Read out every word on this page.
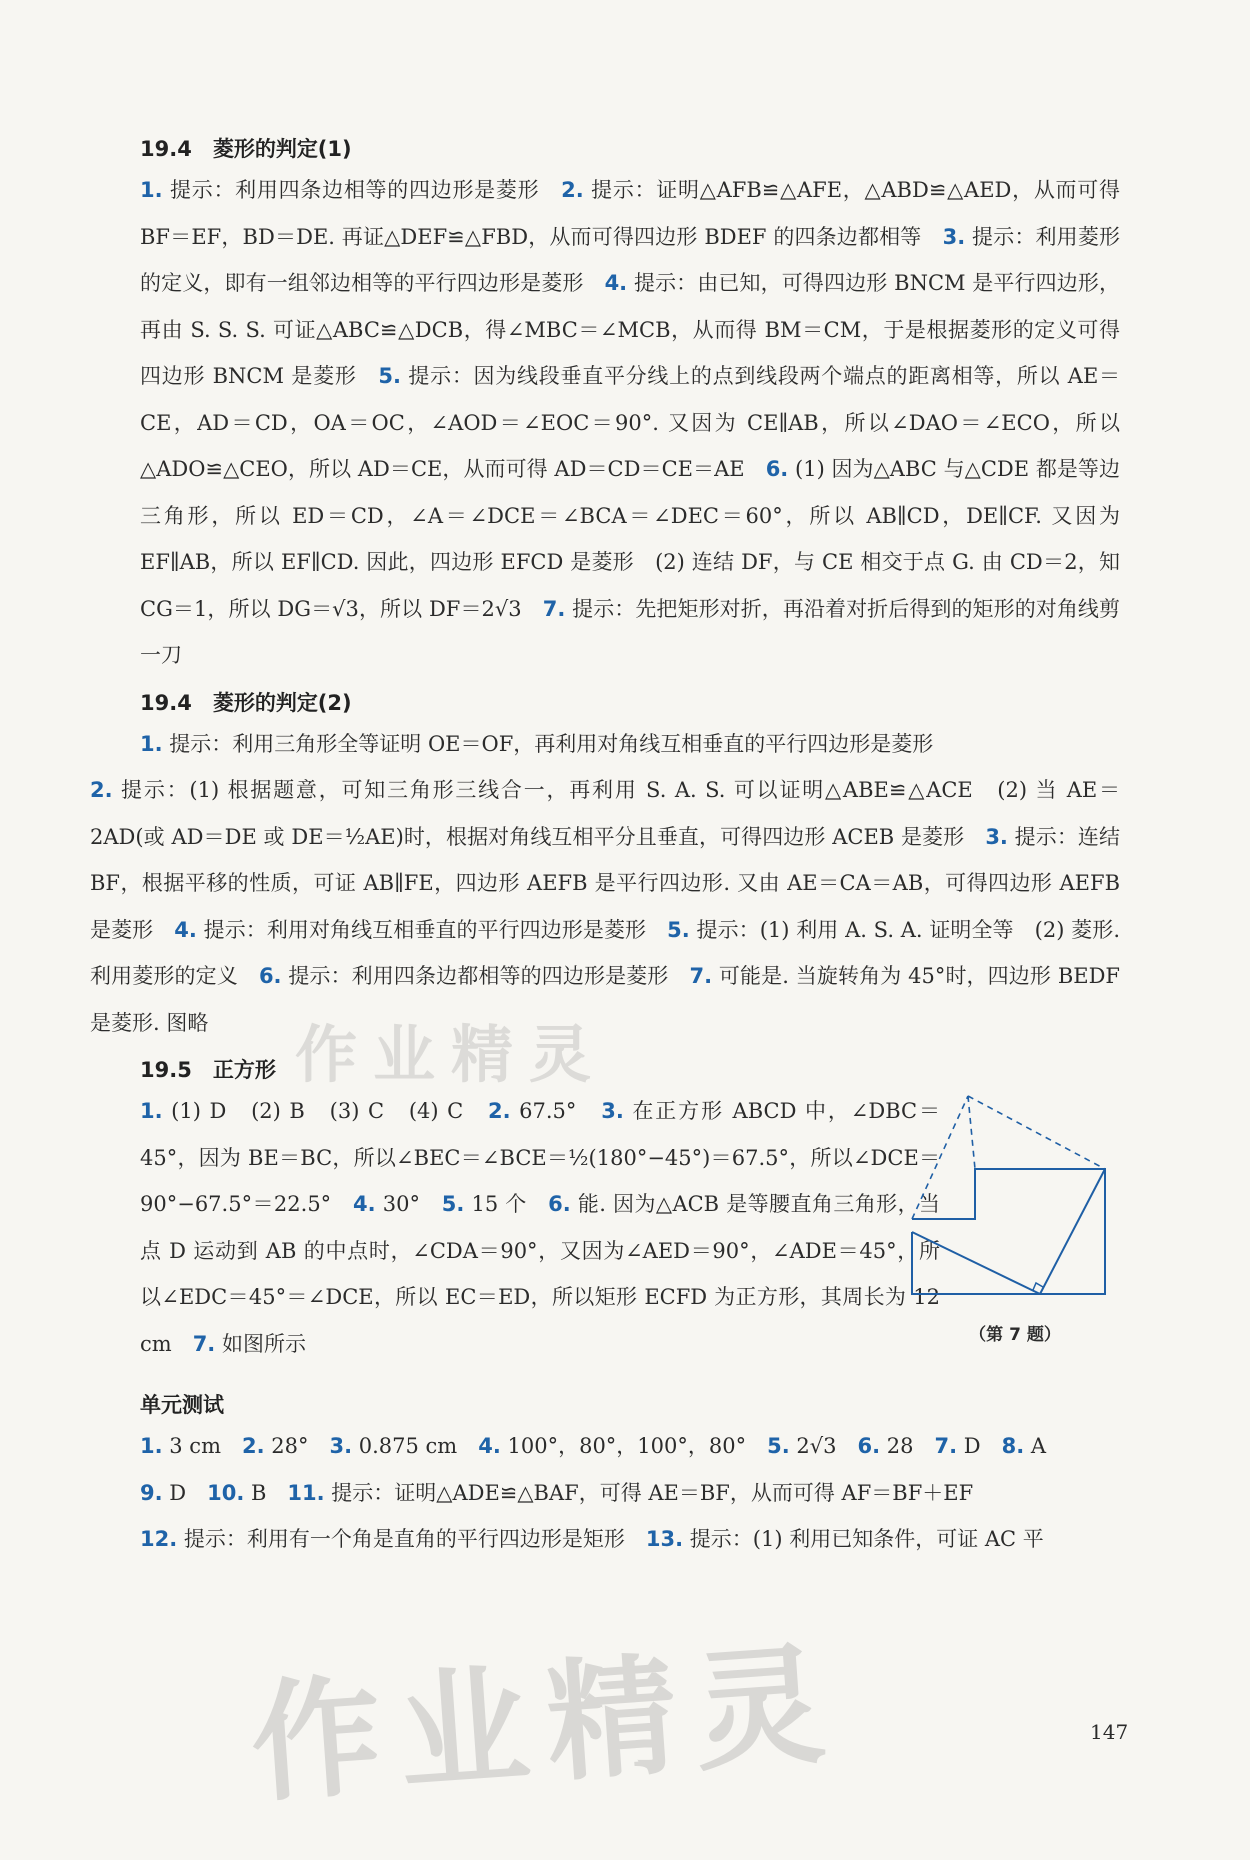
19.4　菱形的判定(1)

1. 提示：利用四条边相等的四边形是菱形　2. 提示：证明△AFB≌△AFE，△ABD≌△AED，从而可得 BF＝EF，BD＝DE. 再证△DEF≌△FBD，从而可得四边形 BDEF 的四条边都相等　3. 提示：利用菱形的定义，即有一组邻边相等的平行四边形是菱形　4. 提示：由已知，可得四边形 BNCM 是平行四边形，再由 S. S. S. 可证△ABC≌△DCB，得∠MBC＝∠MCB，从而得 BM＝CM，于是根据菱形的定义可得四边形 BNCM 是菱形　5. 提示：因为线段垂直平分线上的点到线段两个端点的距离相等，所以 AE＝CE，AD＝CD，OA＝OC，∠AOD＝∠EOC＝90°. 又因为 CE∥AB，所以∠DAO＝∠ECO，所以△ADO≌△CEO，所以 AD＝CE，从而可得 AD＝CD＝CE＝AE　6. (1) 因为△ABC 与△CDE 都是等边三角形，所以 ED＝CD，∠A＝∠DCE＝∠BCA＝∠DEC＝60°，所以 AB∥CD，DE∥CF. 又因为 EF∥AB，所以 EF∥CD. 因此，四边形 EFCD 是菱形　(2) 连结 DF，与 CE 相交于点 G. 由 CD＝2，知 CG＝1，所以 DG＝√3，所以 DF＝2√3　7. 提示：先把矩形对折，再沿着对折后得到的矩形的对角线剪一刀

19.4　菱形的判定(2)

1. 提示：利用三角形全等证明 OE＝OF，再利用对角线互相垂直的平行四边形是菱形

2. 提示：(1) 根据题意，可知三角形三线合一，再利用 S. A. S. 可以证明△ABE≌△ACE　(2) 当 AE＝2AD(或 AD＝DE 或 DE＝½AE)时，根据对角线互相平分且垂直，可得四边形 ACEB 是菱形　3. 提示：连结 BF，根据平移的性质，可证 AB∥FE，四边形 AEFB 是平行四边形. 又由 AE＝CA＝AB，可得四边形 AEFB 是菱形　4. 提示：利用对角线互相垂直的平行四边形是菱形　5. 提示：(1) 利用 A. S. A. 证明全等　(2) 菱形. 利用菱形的定义　6. 提示：利用四条边都相等的四边形是菱形　7. 可能是. 当旋转角为 45°时，四边形 BEDF 是菱形. 图略

19.5　正方形

1. (1) D　(2) B　(3) C　(4) C　2. 67.5°　3. 在正方形 ABCD 中，∠DBC＝45°，因为 BE＝BC，所以∠BEC＝∠BCE＝½(180°−45°)＝67.5°，所以∠DCE＝90°−67.5°＝22.5°　4. 30°　5. 15 个　6. 能. 因为△ACB 是等腰直角三角形，当点 D 运动到 AB 的中点时，∠CDA＝90°，又因为∠AED＝90°，∠ADE＝45°，所以∠EDC＝45°＝∠DCE，所以 EC＝ED，所以矩形 ECFD 为正方形，其周长为 12 cm　7. 如图所示	（第 7 题）

单元测试

1. 3 cm　2. 28°　3. 0.875 cm　4. 100°，80°，100°，80°　5. 2√3　6. 28　7. D　8. A
9. D　10. B　11. 提示：证明△ADE≌△BAF，可得 AE＝BF，从而可得 AF＝BF＋EF
12. 提示：利用有一个角是直角的平行四边形是矩形　13. 提示：(1) 利用已知条件，可证 AC 平

作业精灵
作业精灵	147
